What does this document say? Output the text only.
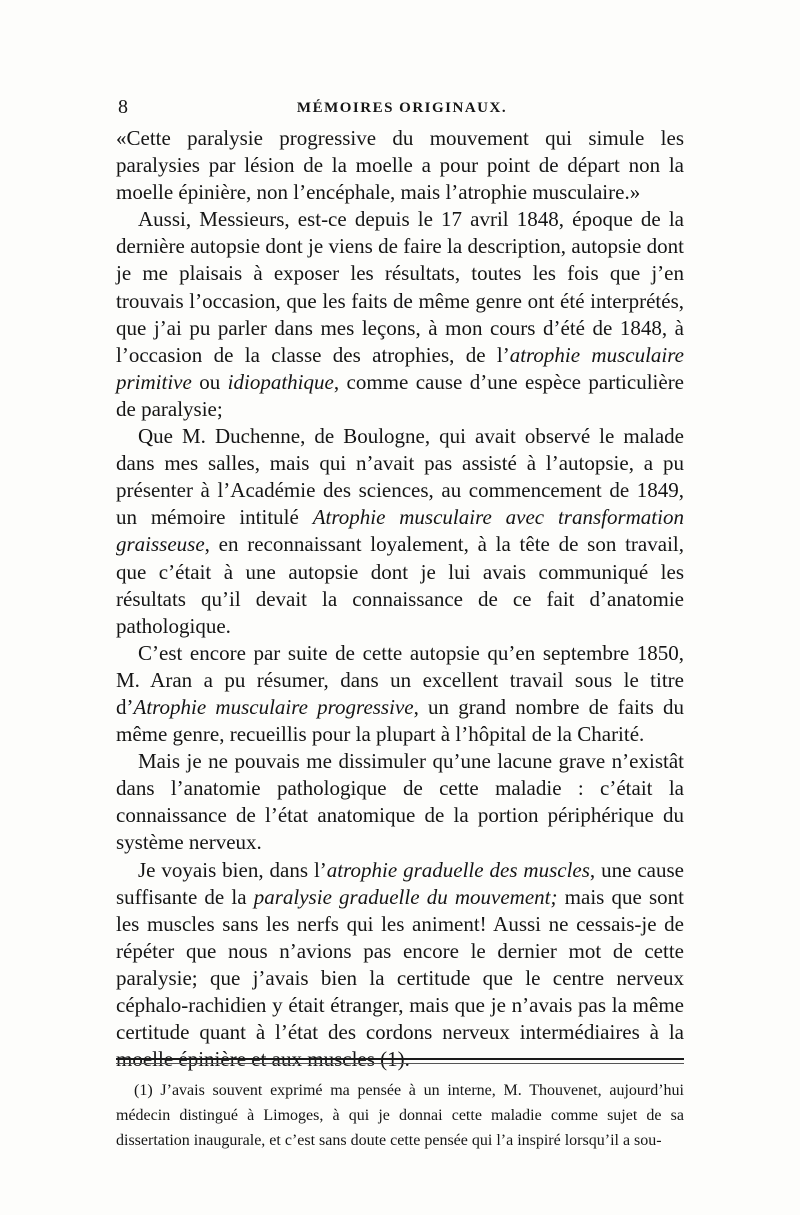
8	MÉMOIRES ORIGINAUX.

«Cette paralysie progressive du mouvement qui simule les paralysies par lésion de la moelle a pour point de départ non la moelle épinière, non l’encéphale, mais l’atrophie musculaire.»

Aussi, Messieurs, est-ce depuis le 17 avril 1848, époque de la dernière autopsie dont je viens de faire la description, autopsie dont je me plaisais à exposer les résultats, toutes les fois que j’en trouvais l’occasion, que les faits de même genre ont été interprétés, que j’ai pu parler dans mes leçons, à mon cours d’été de 1848, à l’occasion de la classe des atrophies, de l’atrophie musculaire primitive ou idiopathique, comme cause d’une espèce particulière de paralysie;

Que M. Duchenne, de Boulogne, qui avait observé le malade dans mes salles, mais qui n’avait pas assisté à l’autopsie, a pu présenter à l’Académie des sciences, au commencement de 1849, un mémoire intitulé Atrophie musculaire avec transformation graisseuse, en reconnaissant loyalement, à la tête de son travail, que c’était à une autopsie dont je lui avais communiqué les résultats qu’il devait la connaissance de ce fait d’anatomie pathologique.

C’est encore par suite de cette autopsie qu’en septembre 1850, M. Aran a pu résumer, dans un excellent travail sous le titre d’Atrophie musculaire progressive, un grand nombre de faits du même genre, recueillis pour la plupart à l’hôpital de la Charité.

Mais je ne pouvais me dissimuler qu’une lacune grave n’existât dans l’anatomie pathologique de cette maladie : c’était la connaissance de l’état anatomique de la portion périphérique du système nerveux.

Je voyais bien, dans l’atrophie graduelle des muscles, une cause suffisante de la paralysie graduelle du mouvement; mais que sont les muscles sans les nerfs qui les animent! Aussi ne cessais-je de répéter que nous n’avions pas encore le dernier mot de cette paralysie; que j’avais bien la certitude que le centre nerveux céphalo-rachidien y était étranger, mais que je n’avais pas la même certitude quant à l’état des cordons nerveux intermédiaires à la moelle épinière et aux muscles (1).

(1) J’avais souvent exprimé ma pensée à un interne, M. Thouvenet, aujourd’hui médecin distingué à Limoges, à qui je donnai cette maladie comme sujet de sa dissertation inaugurale, et c’est sans doute cette pensée qui l’a inspiré lorsqu’il a sou-
